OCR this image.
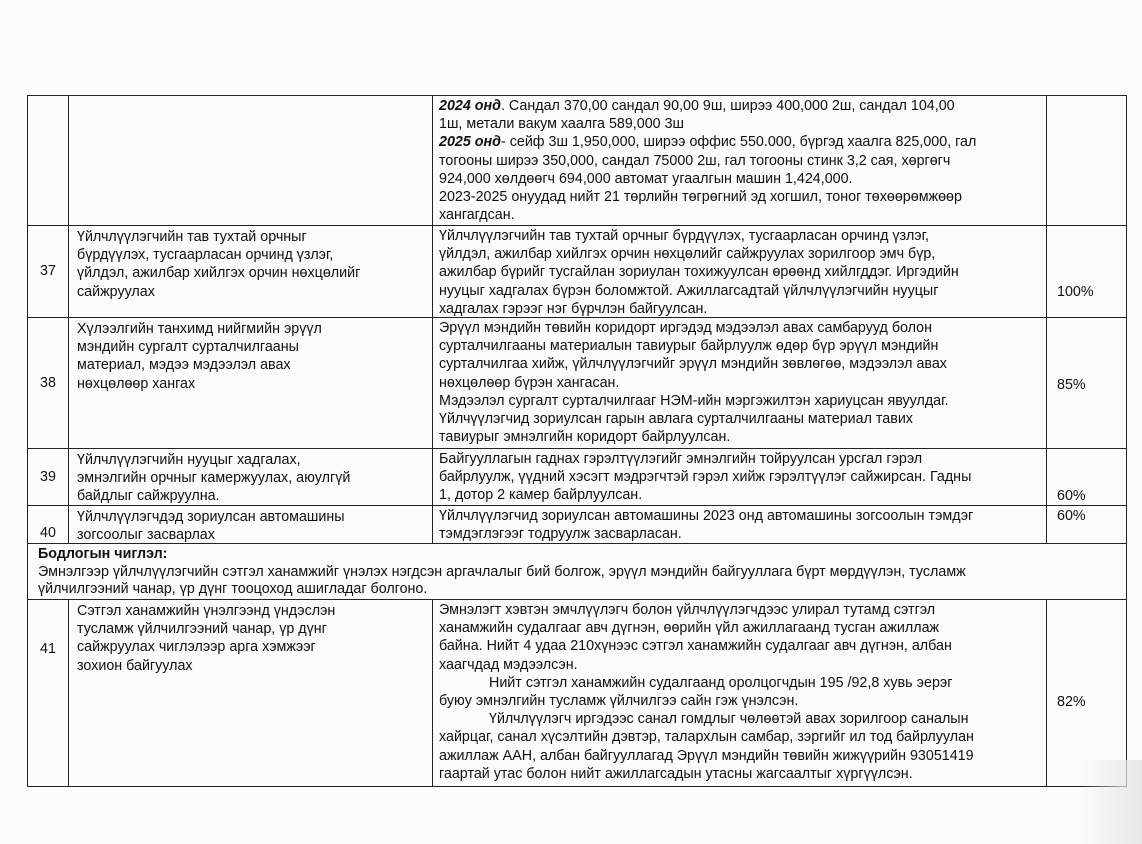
2024 онд. Сандал 370,00 сандал 90,00 9ш, ширээ 400,000 2ш, сандал 104,00
1ш, метали вакум хаалга 589,000 3ш
2025 онд- сейф 3ш 1,950,000, ширээ оффис 550.000, бүргэд хаалга 825,000, гал
тогооны ширээ 350,000, сандал 75000 2ш, гал тогооны стинк 3,2 сая, хөргөгч
924,000 хөлдөөгч 694,000 автомат угаалгын машин 1,424,000.
2023-2025 онуудад нийт 21 төрлийн төгрөгний эд хогшил, тоног төхөөрөмжөөр
хангагдсан.
37
Үйлчлүүлэгчийн тав тухтай орчныг
бүрдүүлэх, тусгаарласан орчинд үзлэг,
үйлдэл, ажилбар хийлгэх орчин нөхцөлийг
сайжруулах
Үйлчлүүлэгчийн тав тухтай орчныг бүрдүүлэх, тусгаарласан орчинд үзлэг,
үйлдэл, ажилбар хийлгэх орчин нөхцөлийг сайжруулах зорилгоор эмч бүр,
ажилбар бүрийг тусгайлан зориулан тохижуулсан өрөөнд хийлгддэг. Иргэдийн
нууцыг хадгалах бүрэн боломжтой. Ажиллагсадтай үйлчлүүлэгчийн нууцыг
хадгалах гэрээг нэг бүрчлэн байгуулсан.
100%
38
Хүлээлгийн танхимд нийгмийн эрүүл
мэндийн сургалт сурталчилгааны
материал, мэдээ мэдээлэл авах
нөхцөлөөр хангах
Эрүүл мэндийн төвийн коридорт иргэдэд мэдээлэл авах самбарууд болон
сурталчилгааны материалын тавиурыг байрлуулж өдөр бүр эрүүл мэндийн
сурталчилгаа хийж, үйлчлүүлэгчийг эрүүл мэндийн зөвлөгөө, мэдээлэл авах
нөхцөлөөр бүрэн хангасан.
Мэдээлэл сургалт сурталчилгааг НЭМ-ийн мэргэжилтэн хариуцсан явуулдаг.
Үйлчүүлэгчид зориулсан гарын авлага сурталчилгааны материал тавих
тавиурыг эмнэлгийн коридорт байрлуулсан.
85%
39
Үйлчлүүлэгчийн нууцыг хадгалах,
эмнэлгийн орчныг камержуулах, аюулгүй
байдлыг сайжруулна.
Байгууллагын гаднах гэрэлтүүлэгийг эмнэлгийн тойруулсан урсгал гэрэл
байрлуулж, үүдний хэсэгт мэдрэгчтэй гэрэл хийж гэрэлтүүлэг сайжирсан. Гадны
1, дотор 2 камер байрлуулсан.	60%
40
Үйлчлүүлэгчдэд зориулсан автомашины
зогсоолыг засварлах
Үйлчлүүлэгчид зориулсан автомашины 2023 онд автомашины зогсоолын тэмдэг
тэмдэглэгээг тодруулж засварласан.
60%
Бодлогын чиглэл:
Эмнэлгээр үйлчлүүлэгчийн сэтгэл ханамжийг үнэлэх нэгдсэн аргачлалыг бий болгож, эрүүл мэндийн байгууллага бүрт мөрдүүлэн, тусламж
үйлчилгээний чанар, үр дүнг тооцоход ашигладаг болгоно.
41
Сэтгэл ханамжийн үнэлгээнд үндэслэн
тусламж үйлчилгээний чанар, үр дүнг
сайжруулах чиглэлээр арга хэмжээг
зохион байгуулах
Эмнэлэгт хэвтэн эмчлүүлэгч болон үйлчлүүлэгчдээс улирал тутамд сэтгэл
ханамжийн судалгааг авч дүгнэн, өөрийн үйл ажиллагаанд тусган ажиллаж
байна. Нийт 4 удаа 210хүнээс сэтгэл ханамжийн судалгааг авч дүгнэн, албан
хаагчдад мэдээлсэн.
Нийт сэтгэл ханамжийн судалгаанд оролцогчдын 195 /92,8 хувь эерэг
буюу эмнэлгийн тусламж үйлчилгээ сайн гэж үнэлсэн.
Үйлчлүүлэгч иргэдээс санал гомдлыг чөлөөтэй авах зорилгоор саналын
хайрцаг, санал хүсэлтийн дэвтэр, талархлын самбар, зэргийг ил тод байрлуулан
ажиллаж ААН, албан байгууллагад Эрүүл мэндийн төвийн жижүүрийн 93051419
гаартай утас болон нийт ажиллагсадын утасны жагсаалтыг хүргүүлсэн.
82%
